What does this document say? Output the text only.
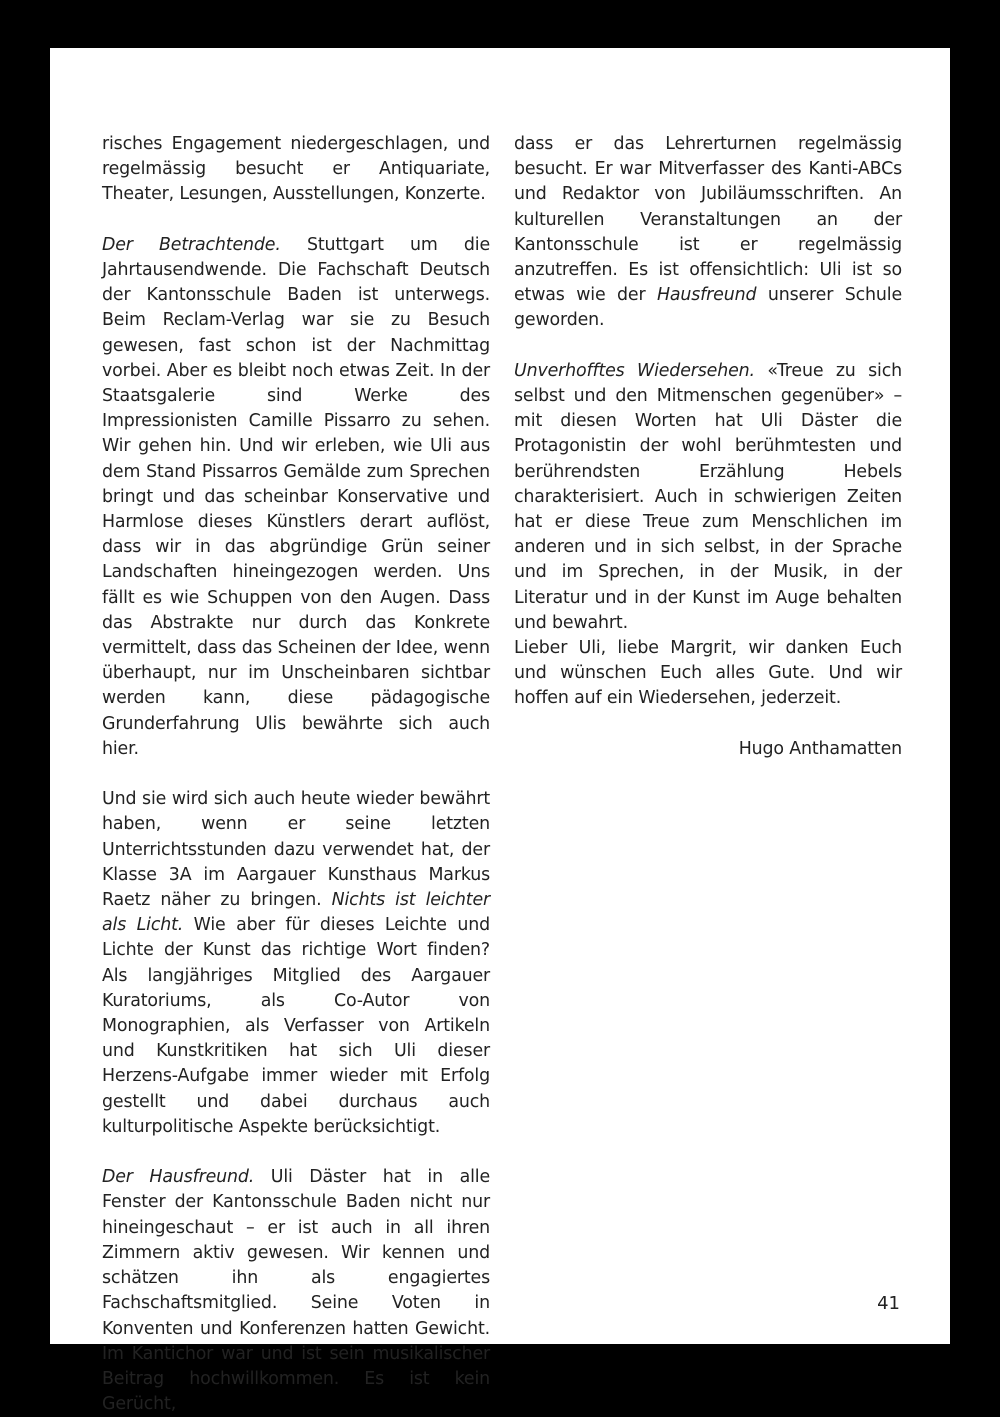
risches Engagement niedergeschlagen, und regelmässig besucht er Antiquariate, Theater, Lesungen, Ausstellungen, Konzerte.

Der Betrachtende. Stuttgart um die Jahrtausendwende. Die Fachschaft Deutsch der Kantonsschule Baden ist unterwegs. Beim Reclam-Verlag war sie zu Besuch gewesen, fast schon ist der Nachmittag vorbei. Aber es bleibt noch etwas Zeit. In der Staatsgalerie sind Werke des Impressionisten Camille Pissarro zu sehen. Wir gehen hin. Und wir erleben, wie Uli aus dem Stand Pissarros Gemälde zum Sprechen bringt und das scheinbar Konservative und Harmlose dieses Künstlers derart auflöst, dass wir in das abgründige Grün seiner Landschaften hineingezogen werden. Uns fällt es wie Schuppen von den Augen. Dass das Abstrakte nur durch das Konkrete vermittelt, dass das Scheinen der Idee, wenn überhaupt, nur im Unscheinbaren sichtbar werden kann, diese pädagogische Grunderfahrung Ulis bewährte sich auch hier.

Und sie wird sich auch heute wieder bewährt haben, wenn er seine letzten Unterrichtsstunden dazu verwendet hat, der Klasse 3A im Aargauer Kunsthaus Markus Raetz näher zu bringen. Nichts ist leichter als Licht. Wie aber für dieses Leichte und Lichte der Kunst das richtige Wort finden? Als langjähriges Mitglied des Aargauer Kuratoriums, als Co-Autor von Monographien, als Verfasser von Artikeln und Kunstkritiken hat sich Uli dieser Herzens-Aufgabe immer wieder mit Erfolg gestellt und dabei durchaus auch kulturpolitische Aspekte berücksichtigt.

Der Hausfreund. Uli Däster hat in alle Fenster der Kantonsschule Baden nicht nur hineingeschaut – er ist auch in all ihren Zimmern aktiv gewesen. Wir kennen und schätzen ihn als engagiertes Fachschaftsmitglied. Seine Voten in Konventen und Konferenzen hatten Gewicht. Im Kantichor war und ist sein musikalischer Beitrag hochwillkommen. Es ist kein Gerücht,

dass er das Lehrerturnen regelmässig besucht. Er war Mitverfasser des Kanti-ABCs und Redaktor von Jubiläumsschriften. An kulturellen Veranstaltungen an der Kantonsschule ist er regelmässig anzutreffen. Es ist offensichtlich: Uli ist so etwas wie der Hausfreund unserer Schule geworden.

Unverhofftes Wiedersehen. «Treue zu sich selbst und den Mitmenschen gegenüber» – mit diesen Worten hat Uli Däster die Protagonistin der wohl berühmtesten und berührendsten Erzählung Hebels charakterisiert. Auch in schwierigen Zeiten hat er diese Treue zum Menschlichen im anderen und in sich selbst, in der Sprache und im Sprechen, in der Musik, in der Literatur und in der Kunst im Auge behalten und bewahrt.

Lieber Uli, liebe Margrit, wir danken Euch und wünschen Euch alles Gute. Und wir hoffen auf ein Wiedersehen, jederzeit.

Hugo Anthamatten
41
